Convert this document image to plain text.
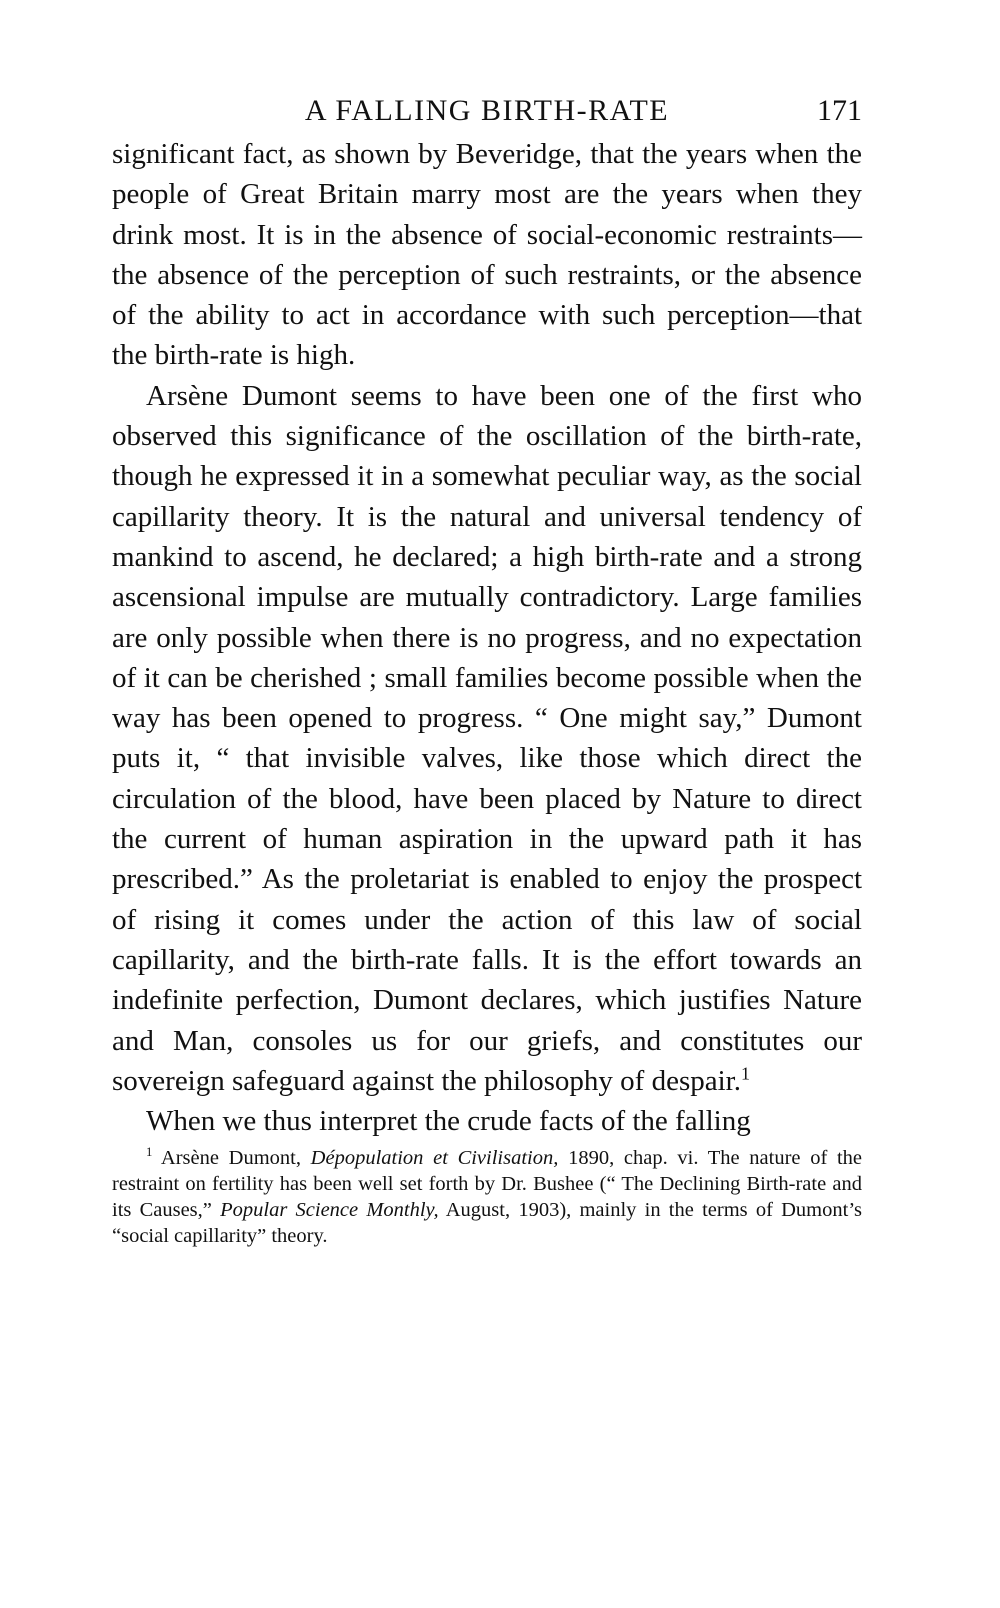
A FALLING BIRTH-RATE	171

significant fact, as shown by Beveridge, that the years when the people of Great Britain marry most are the years when they drink most. It is in the absence of social-economic restraints—the absence of the perception of such restraints, or the absence of the ability to act in accordance with such perception—that the birth-rate is high.

Arsène Dumont seems to have been one of the first who observed this significance of the oscillation of the birth-rate, though he expressed it in a somewhat peculiar way, as the social capillarity theory. It is the natural and universal tendency of mankind to ascend, he declared; a high birth-rate and a strong ascensional impulse are mutually contradictory. Large families are only possible when there is no progress, and no expectation of it can be cherished ; small families become possible when the way has been opened to progress. “ One might say,” Dumont puts it, “ that invisible valves, like those which direct the circulation of the blood, have been placed by Nature to direct the current of human aspiration in the upward path it has prescribed.” As the proletariat is enabled to enjoy the prospect of rising it comes under the action of this law of social capillarity, and the birth-rate falls. It is the effort towards an indefinite perfection, Dumont declares, which justifies Nature and Man, consoles us for our griefs, and constitutes our sovereign safeguard against the philosophy of despair.$^1$

When we thus interpret the crude facts of the falling

$^1$ Arsène Dumont, Dépopulation et Civilisation, 1890, chap. vi. The nature of the restraint on fertility has been well set forth by Dr. Bushee (“ The Declining Birth-rate and its Causes,” Popular Science Monthly, August, 1903), mainly in the terms of Dumont’s “social capillarity” theory.
